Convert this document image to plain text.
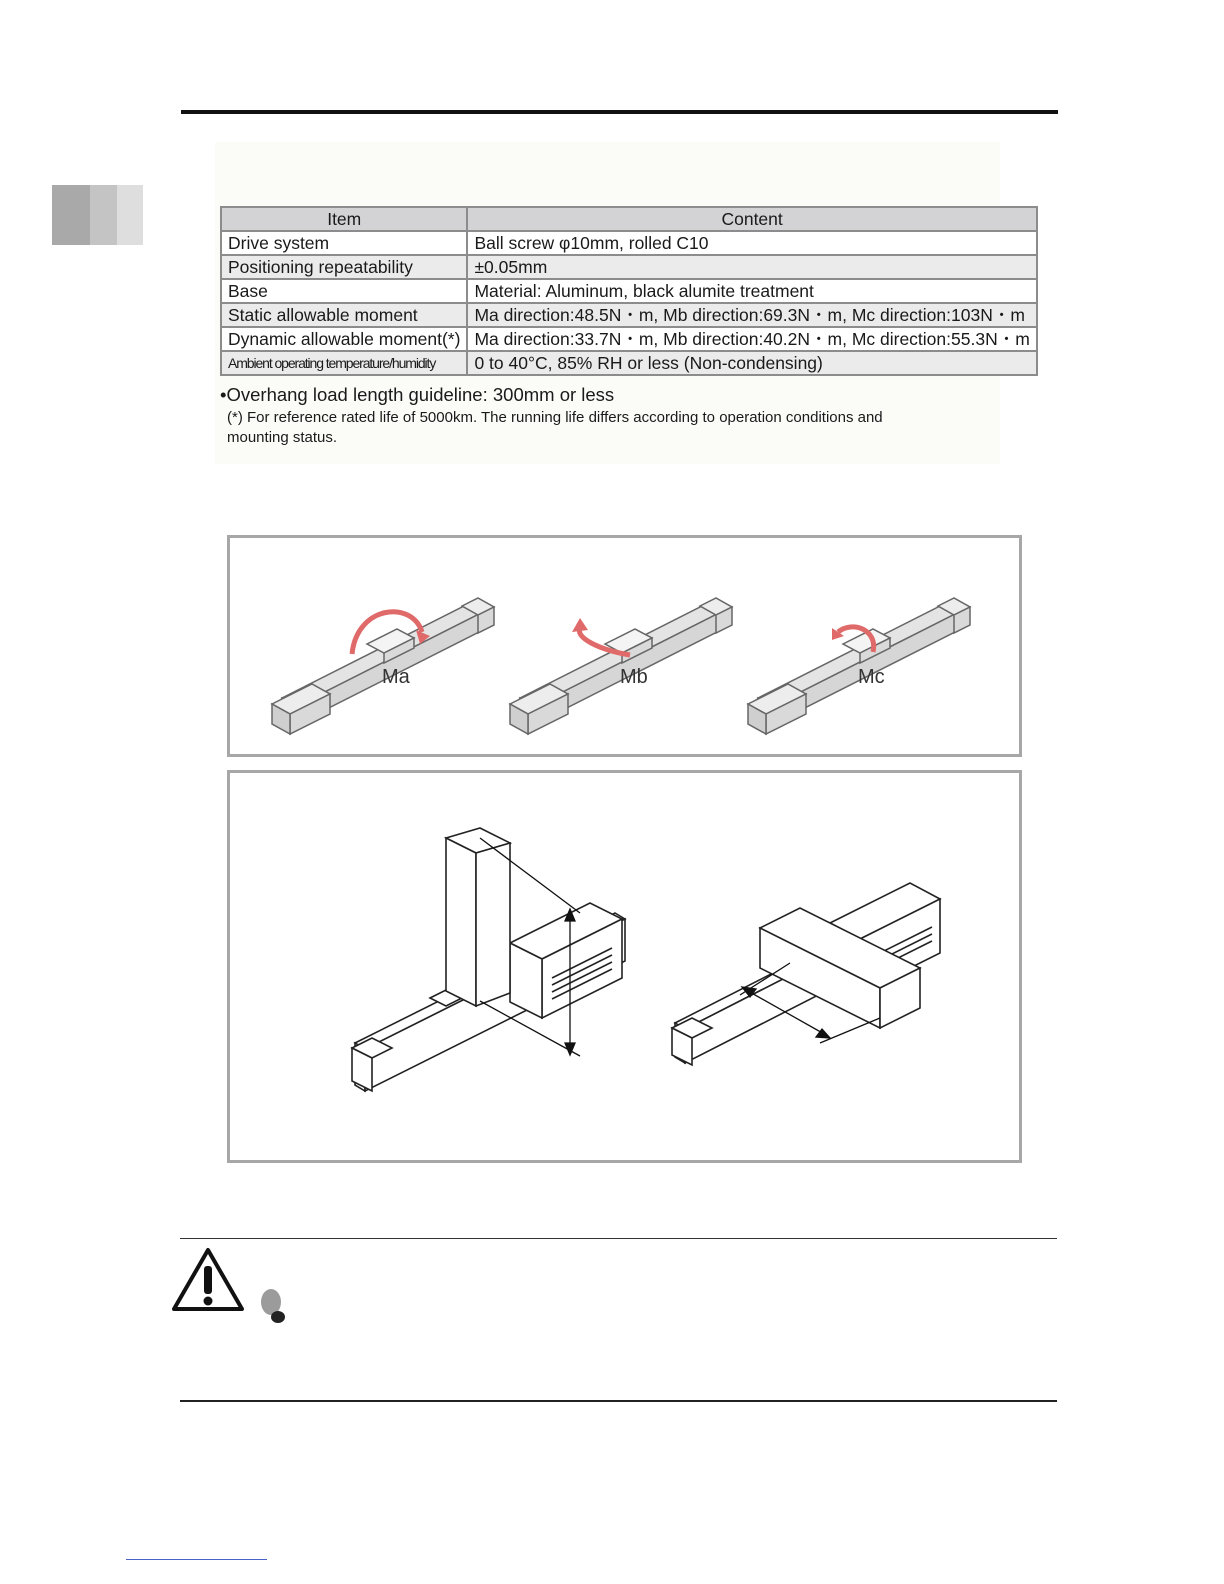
Item	Content
Drive system	Ball screw φ10mm, rolled C10
Positioning repeatability	±0.05mm
Base	Material: Aluminum, black alumite treatment
Static allowable moment	Ma direction:48.5N・m, Mb direction:69.3N・m, Mc direction:103N・m
Dynamic allowable moment(*)	Ma direction:33.7N・m, Mb direction:40.2N・m, Mc direction:55.3N・m
Ambient operating temperature/humidity	0 to 40°C, 85% RH or less (Non-condensing)
•Overhang load length guideline: 300mm or less
(*) For reference rated life of 5000km. The running life differs according to operation conditions and mounting status.
Ma	Mb	Mc
